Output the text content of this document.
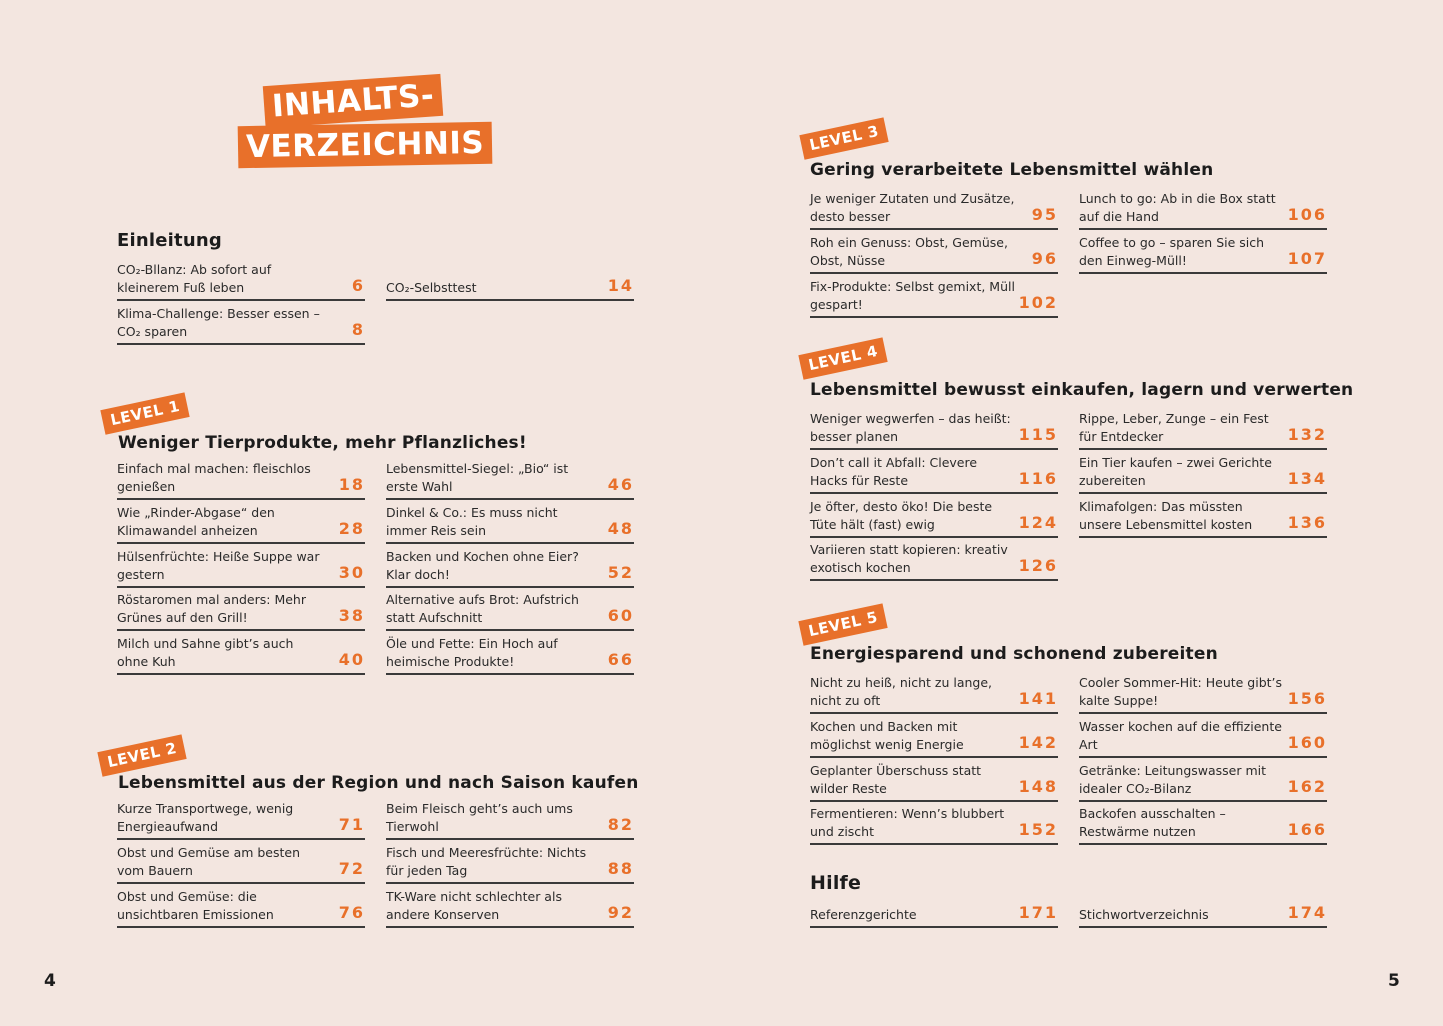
INHALTS-
VERZEICHNIS
Einleitung
CO₂-Bllanz: Ab sofort auf kleinerem Fuß leben	6
Klima-Challenge: Besser essen – CO₂ sparen	8
CO₂-Selbsttest	14
LEVEL 1
Weniger Tierprodukte, mehr Pflanzliches!
Einfach mal machen: fleischlos genießen	18
Wie „Rinder-Abgase“ den Klimawandel anheizen	28
Hülsenfrüchte: Heiße Suppe war gestern	30
Röstaromen mal anders: Mehr Grünes auf den Grill!	38
Milch und Sahne gibt’s auch ohne Kuh	40
Lebensmittel-Siegel: „Bio“ ist erste Wahl	46
Dinkel & Co.: Es muss nicht immer Reis sein	48
Backen und Kochen ohne Eier? Klar doch!	52
Alternative aufs Brot: Aufstrich statt Aufschnitt	60
Öle und Fette: Ein Hoch auf heimische Produkte!	66
LEVEL 2
Lebensmittel aus der Region und nach Saison kaufen
Kurze Transportwege, wenig Energieaufwand	71
Obst und Gemüse am besten vom Bauern	72
Obst und Gemüse: die unsichtbaren Emissionen	76
Beim Fleisch geht’s auch ums Tierwohl	82
Fisch und Meeresfrüchte: Nichts für jeden Tag	88
TK-Ware nicht schlechter als andere Konserven	92
4
LEVEL 3
Gering verarbeitete Lebensmittel wählen
Je weniger Zutaten und Zusätze, desto besser	95
Roh ein Genuss: Obst, Gemüse, Obst, Nüsse	96
Fix-Produkte: Selbst gemixt, Müll gespart!	102
Lunch to go: Ab in die Box statt auf die Hand	106
Coffee to go – sparen Sie sich den Einweg-Müll!	107
LEVEL 4
Lebensmittel bewusst einkaufen, lagern und verwerten
Weniger wegwerfen – das heißt: besser planen	115
Don’t call it Abfall: Clevere Hacks für Reste	116
Je öfter, desto öko! Die beste Tüte hält (fast) ewig	124
Variieren statt kopieren: kreativ exotisch kochen	126
Rippe, Leber, Zunge – ein Fest für Entdecker	132
Ein Tier kaufen – zwei Gerichte zubereiten	134
Klimafolgen: Das müssten unsere Lebensmittel kosten	136
LEVEL 5
Energiesparend und schonend zubereiten
Nicht zu heiß, nicht zu lange, nicht zu oft	141
Kochen und Backen mit möglichst wenig Energie	142
Geplanter Überschuss statt wilder Reste	148
Fermentieren: Wenn’s blubbert und zischt	152
Cooler Sommer-Hit: Heute gibt’s kalte Suppe!	156
Wasser kochen auf die effiziente Art	160
Getränke: Leitungswasser mit idealer CO₂-Bilanz	162
Backofen ausschalten – Restwärme nutzen	166
Hilfe
Referenzgerichte	171 Stichwortverzeichnis	174
5
